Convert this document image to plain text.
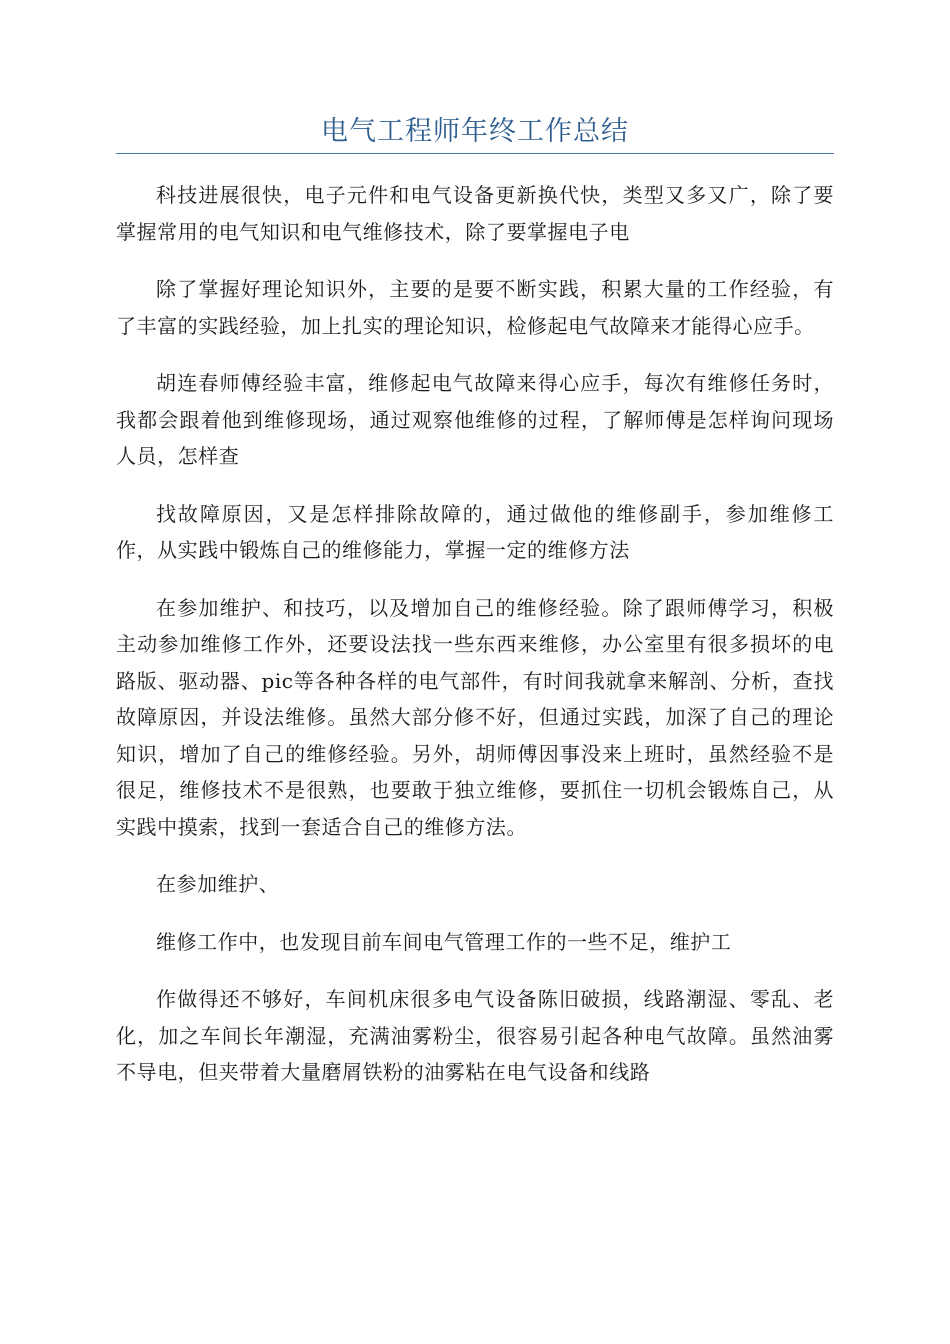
电气工程师年终工作总结

科技进展很快，电子元件和电气设备更新换代快，类型又多又广，除了要掌握常用的电气知识和电气维修技术，除了要掌握电子电

除了掌握好理论知识外，主要的是要不断实践，积累大量的工作经验，有了丰富的实践经验，加上扎实的理论知识，检修起电气故障来才能得心应手。

胡连春师傅经验丰富，维修起电气故障来得心应手，每次有维修任务时，我都会跟着他到维修现场，通过观察他维修的过程，了解师傅是怎样询问现场人员，怎样查

找故障原因，又是怎样排除故障的，通过做他的维修副手，参加维修工作，从实践中锻炼自己的维修能力，掌握一定的维修方法

在参加维护、和技巧，以及增加自己的维修经验。除了跟师傅学习，积极主动参加维修工作外，还要设法找一些东西来维修，办公室里有很多损坏的电路版、驱动器、pic等各种各样的电气部件，有时间我就拿来解剖、分析，查找故障原因，并设法维修。虽然大部分修不好，但通过实践，加深了自己的理论知识，增加了自己的维修经验。另外，胡师傅因事没来上班时，虽然经验不是很足，维修技术不是很熟，也要敢于独立维修，要抓住一切机会锻炼自己，从实践中摸索，找到一套适合自己的维修方法。

在参加维护、

维修工作中，也发现目前车间电气管理工作的一些不足，维护工

作做得还不够好，车间机床很多电气设备陈旧破损，线路潮湿、零乱、老化，加之车间长年潮湿，充满油雾粉尘，很容易引起各种电气故障。虽然油雾不导电，但夹带着大量磨屑铁粉的油雾粘在电气设备和线路
